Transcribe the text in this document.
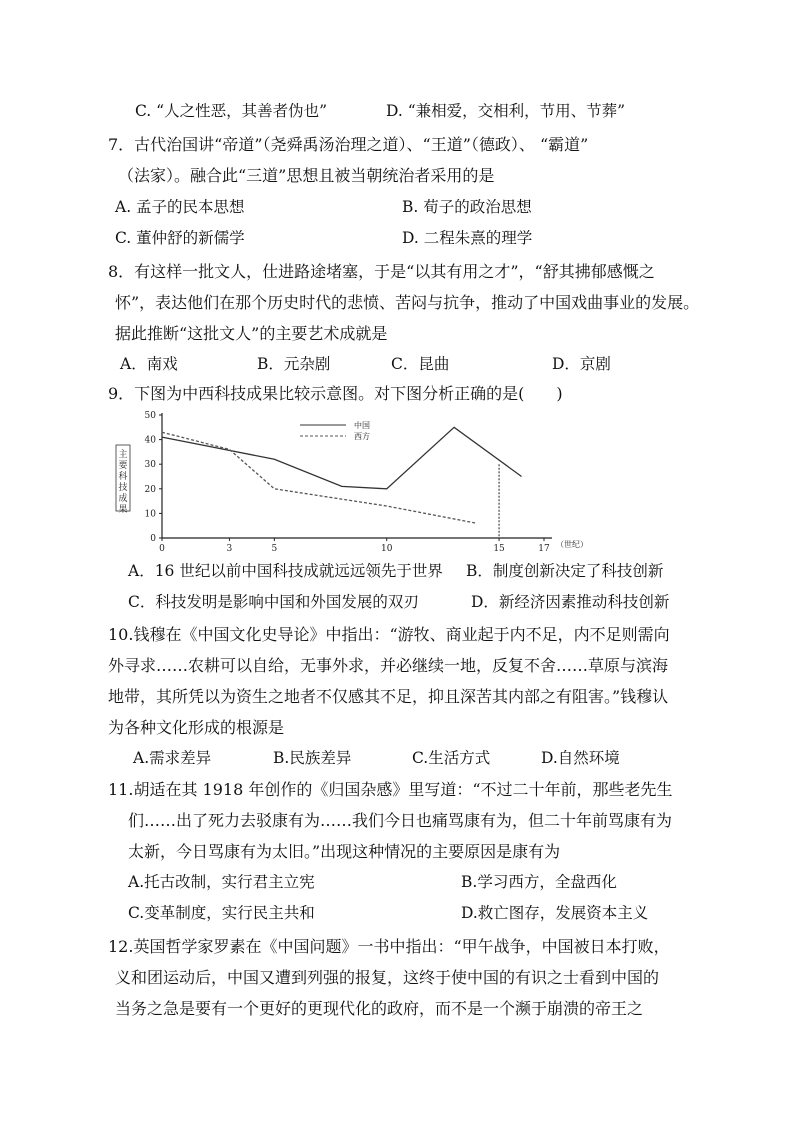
C. “人之性恶，其善者伪也”	D. “兼相爱，交相利，节用、节葬”
7．古代治国讲“帝道”（尧舜禹汤治理之道）、“王道”（德政）、 “霸道”
（法家）。融合此“三道”思想且被当朝统治者采用的是
A. 孟子的民本思想	B. 荀子的政治思想
C. 董仲舒的新儒学	D. 二程朱熹的理学
8．有这样一批文人，仕进路途堵塞，于是“以其有用之才”，“舒其拂郁感慨之
怀”，表达他们在那个历史时代的悲愤、苦闷与抗争，推动了中国戏曲事业的发展。
据此推断“这批文人”的主要艺术成就是
A．南戏	B．元杂剧	C．昆曲	D．京剧
9．下图为中西科技成果比较示意图。对下图分析正确的是(　　)
主要科技成果
0
10
20
30
40
50
0	3	5	10	15	17 （世纪）
中国
西方
A．16 世纪以前中国科技成就远远领先于世界 B．制度创新决定了科技创新
C．科技发明是影响中国和外国发展的双刃	D．新经济因素推动科技创新
10.钱穆在《中国文化史导论》中指出：“游牧、商业起于内不足，内不足则需向
外寻求……农耕可以自给，无事外求，并必继续一地，反复不舍……草原与滨海
地带，其所凭以为资生之地者不仅感其不足，抑且深苦其内部之有阻害。”钱穆认
为各种文化形成的根源是
A.需求差异	B.民族差异	C.生活方式	D.自然环境
11.胡适在其 1918 年创作的《归国杂感》里写道：“不过二十年前，那些老先生
们……出了死力去驳康有为……我们今日也痛骂康有为，但二十年前骂康有为
太新，今日骂康有为太旧。”出现这种情况的主要原因是康有为
A.托古改制，实行君主立宪	B.学习西方，全盘西化
C.变革制度，实行民主共和	D.救亡图存，发展资本主义
12.英国哲学家罗素在《中国问题》一书中指出：“甲午战争，中国被日本打败，
义和团运动后，中国又遭到列强的报复，这终于使中国的有识之士看到中国的
当务之急是要有一个更好的更现代化的政府，而不是一个濒于崩溃的帝王之
